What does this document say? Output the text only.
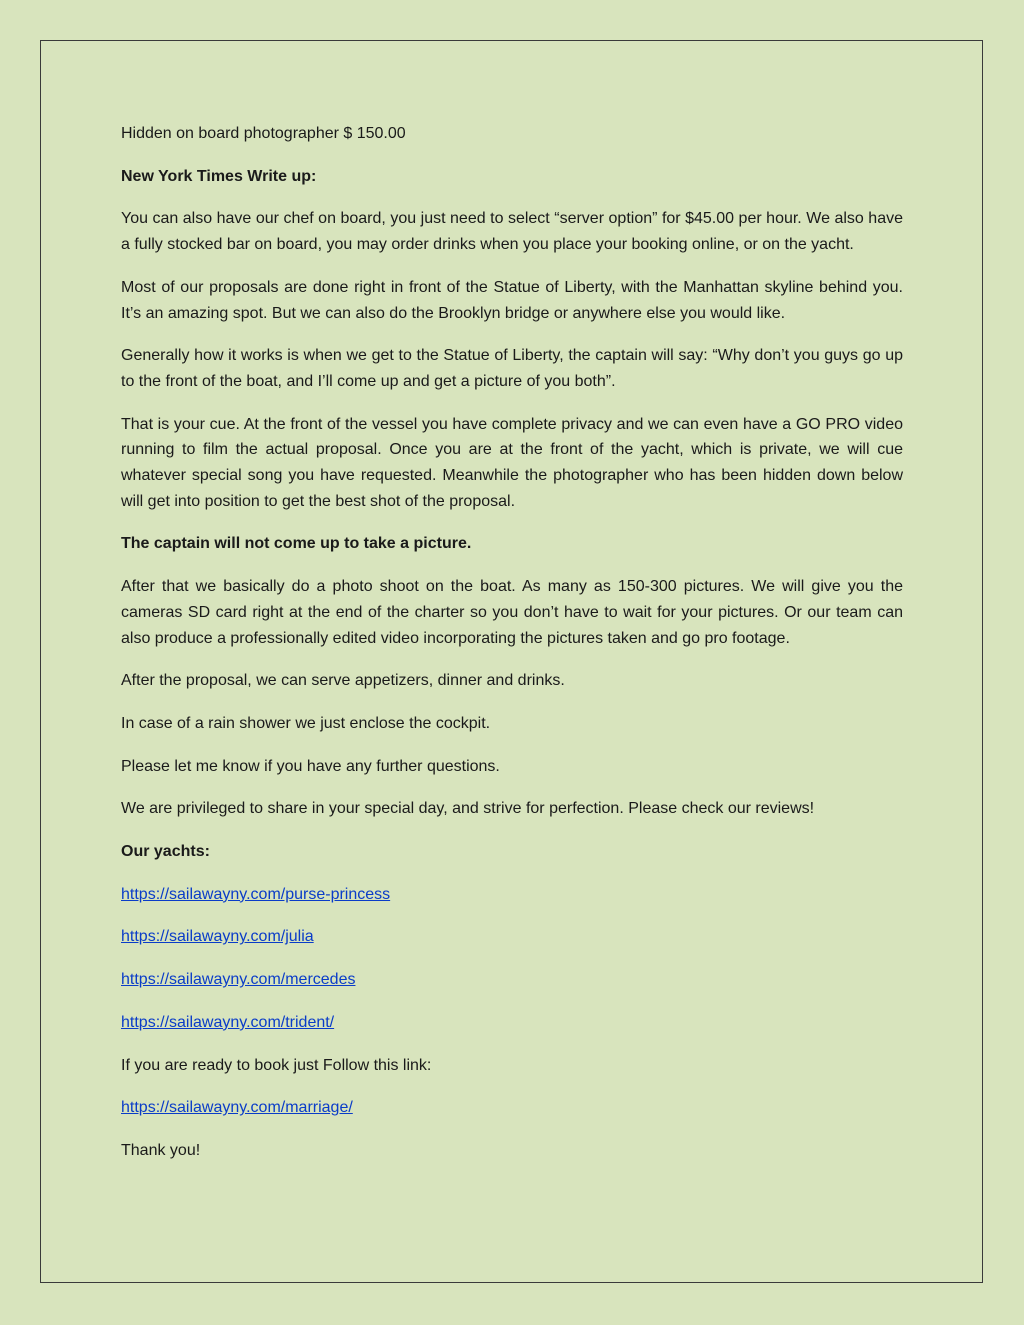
Hidden on board photographer $ 150.00

New York Times Write up:

You can also have our chef on board, you just need to select “server option” for $45.00 per hour. We also have a fully stocked bar on board, you may order drinks when you place your booking online, or on the yacht.

Most of our proposals are done right in front of the Statue of Liberty, with the Manhattan skyline behind you. It’s an amazing spot. But we can also do the Brooklyn bridge or anywhere else you would like.

Generally how it works is when we get to the Statue of Liberty, the captain will say: “Why don’t you guys go up to the front of the boat, and I’ll come up and get a picture of you both”.

That is your cue. At the front of the vessel you have complete privacy and we can even have a GO PRO video running to film the actual proposal. Once you are at the front of the yacht, which is private, we will cue whatever special song you have requested. Meanwhile the photographer who has been hidden down below will get into position to get the best shot of the proposal.

The captain will not come up to take a picture.

After that we basically do a photo shoot on the boat. As many as 150-300 pictures. We will give you the cameras SD card right at the end of the charter so you don’t have to wait for your pictures. Or our team can also produce a professionally edited video incorporating the pictures taken and go pro footage.

After the proposal, we can serve appetizers, dinner and drinks.

In case of a rain shower we just enclose the cockpit.

Please let me know if you have any further questions.

We are privileged to share in your special day, and strive for perfection. Please check our reviews!

Our yachts:

https://sailawayny.com/purse-princess

https://sailawayny.com/julia

https://sailawayny.com/mercedes

https://sailawayny.com/trident/

If you are ready to book just Follow this link:

https://sailawayny.com/marriage/

Thank you!
